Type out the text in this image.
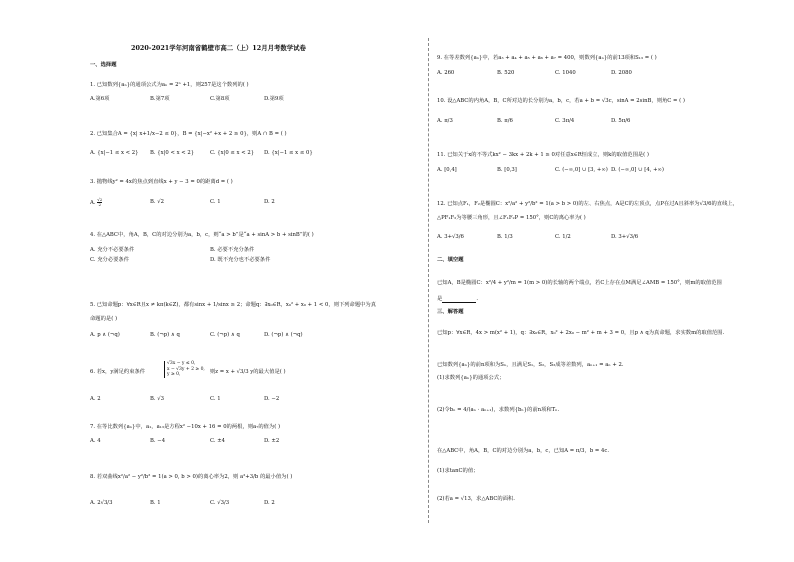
2020-2021学年河南省鹤壁市高二（上）12月月考数学试卷
一、选择题
1. 已知数列{aₙ}的通项公式为aₙ = 2ⁿ +1，则257是这个数列的( )
A.第6项	B.第7项	C.第8项	D.第9项
2. 已知集合A = {x| x+1/x−2 ≤ 0}，B = {x|−x² +x + 2 ≥ 0}，则A ∩ B = ( )
A. {x|−1 ≤ x < 2} B. {x|0 < x < 2}	C. {x|0 ≤ x < 2} D. {x|−1 ≤ x ≤ 0}
3. 抛物线y² = 4x的焦点到直线x + y − 3 = 0的距离d = ( )
A. $\frac{√2}{2}$	B. √2	C. 1	D. 2
4. 在△ABC中，角A，B，C的对边分别为a，b，c，则“a > b”是“a + sinA > b + sinB”的( )
A. 充分不必要条件	B. 必要不充分条件
C. 充分必要条件	D. 既不充分也不必要条件
5. 已知命题p：∀x∈R且x ≠ kπ(k∈Z)，都有sinx + 1/sinx ≥ 2；命题q：∃x₀∈R，x₀² + x₀ + 1 < 0，则下列命题中为真
命题的是( )
A. p ∧ (¬q)	B. (¬p) ∧ q	C. (¬p) ∧ q	D. (¬p) ∧ (¬q)
6. 若x，y满足约束条件
√3x − y ≤ 0,
x − √3y + 2 ≥ 0,
y ≥ 0,	则z = x + √3/3 y的最大值是( )
A. 2	B. √3	C. 1	D. −2
7. 在等比数列{aₙ}中，a₁，a₁₃是方程x² −10x + 16 = 0的两根，则a₇的值为( )
A. 4	B. −4	C. ±4	D. ±2
8. 若双曲线x²/a² − y²/b² = 1(a > 0, b > 0)的离心率为2，则 a²+3/b 的最小值为( )
A. 2√3/3	B. 1	C. √3/3	D. 2
9. 在等差数列{aₙ}中，若a₃ + a₄ + a₅ + a₆ + a₇ = 400，则数列{aₙ}的前13项和S₁₃ = ( )
A. 260	B. 520	C. 1040	D. 2080
10. 设△ABC的内角A，B，C所对边的长分别为a，b，c，若a + b = √3c，sinA = 2sinB，则角C = ( )
A. π/3	B. π/6	C. 3π/4	D. 5π/6
11. 已知关于x的不等式kx² − 3kx + 2k + 1 ≥ 0对任意x∈R恒成立，则k的取值范围是( )
A. [0,4]	B. [0,3]	C. (−∞,0] ∪ [3, +∞) D. (−∞,0] ∪ [4, +∞)
12. 已知点F₁，F₂是椭圆C：x²/a² + y²/b² = 1(a > b > 0)的左、右焦点，A是C的左顶点，点P在过A且斜率为√3/6的直线上，
△PF₁F₂为等腰三角形，且∠F₁F₂P = 150°，则C的离心率为( )
A. 3+√3/6	B. 1/3	C. 1/2	D. 3+√3/6
二、填空题
已知A，B是椭圆C：x²/4 + y²/m = 1(m > 0)的长轴的两个端点，若C上存在点M满足∠AMB = 150°，则m的取值范围
是	.
三、解答题
已知p：∀x∈R，4x > m(x² + 1)，q：∃x₀∈R，x₀² + 2x₀ − m² + m + 3 = 0，且p ∧ q为真命题，求实数m的取值范围.
已知数列{aₙ}的前n项和为Sₙ，且满足S₁，S₂，S₃成等差数列，aₙ₊₁ = aₙ + 2.
(1)求数列{aₙ}的通项公式；
(2)令bₙ = 4/(aₙ · aₙ₊₁)，求数列{bₙ}的前n项和Tₙ.
在△ABC中，角A，B，C的对边分别为a，b，c，已知A = π/3，b = 4c.
(1)求tanC的值；
(2)若a = √13，求△ABC的面积.
